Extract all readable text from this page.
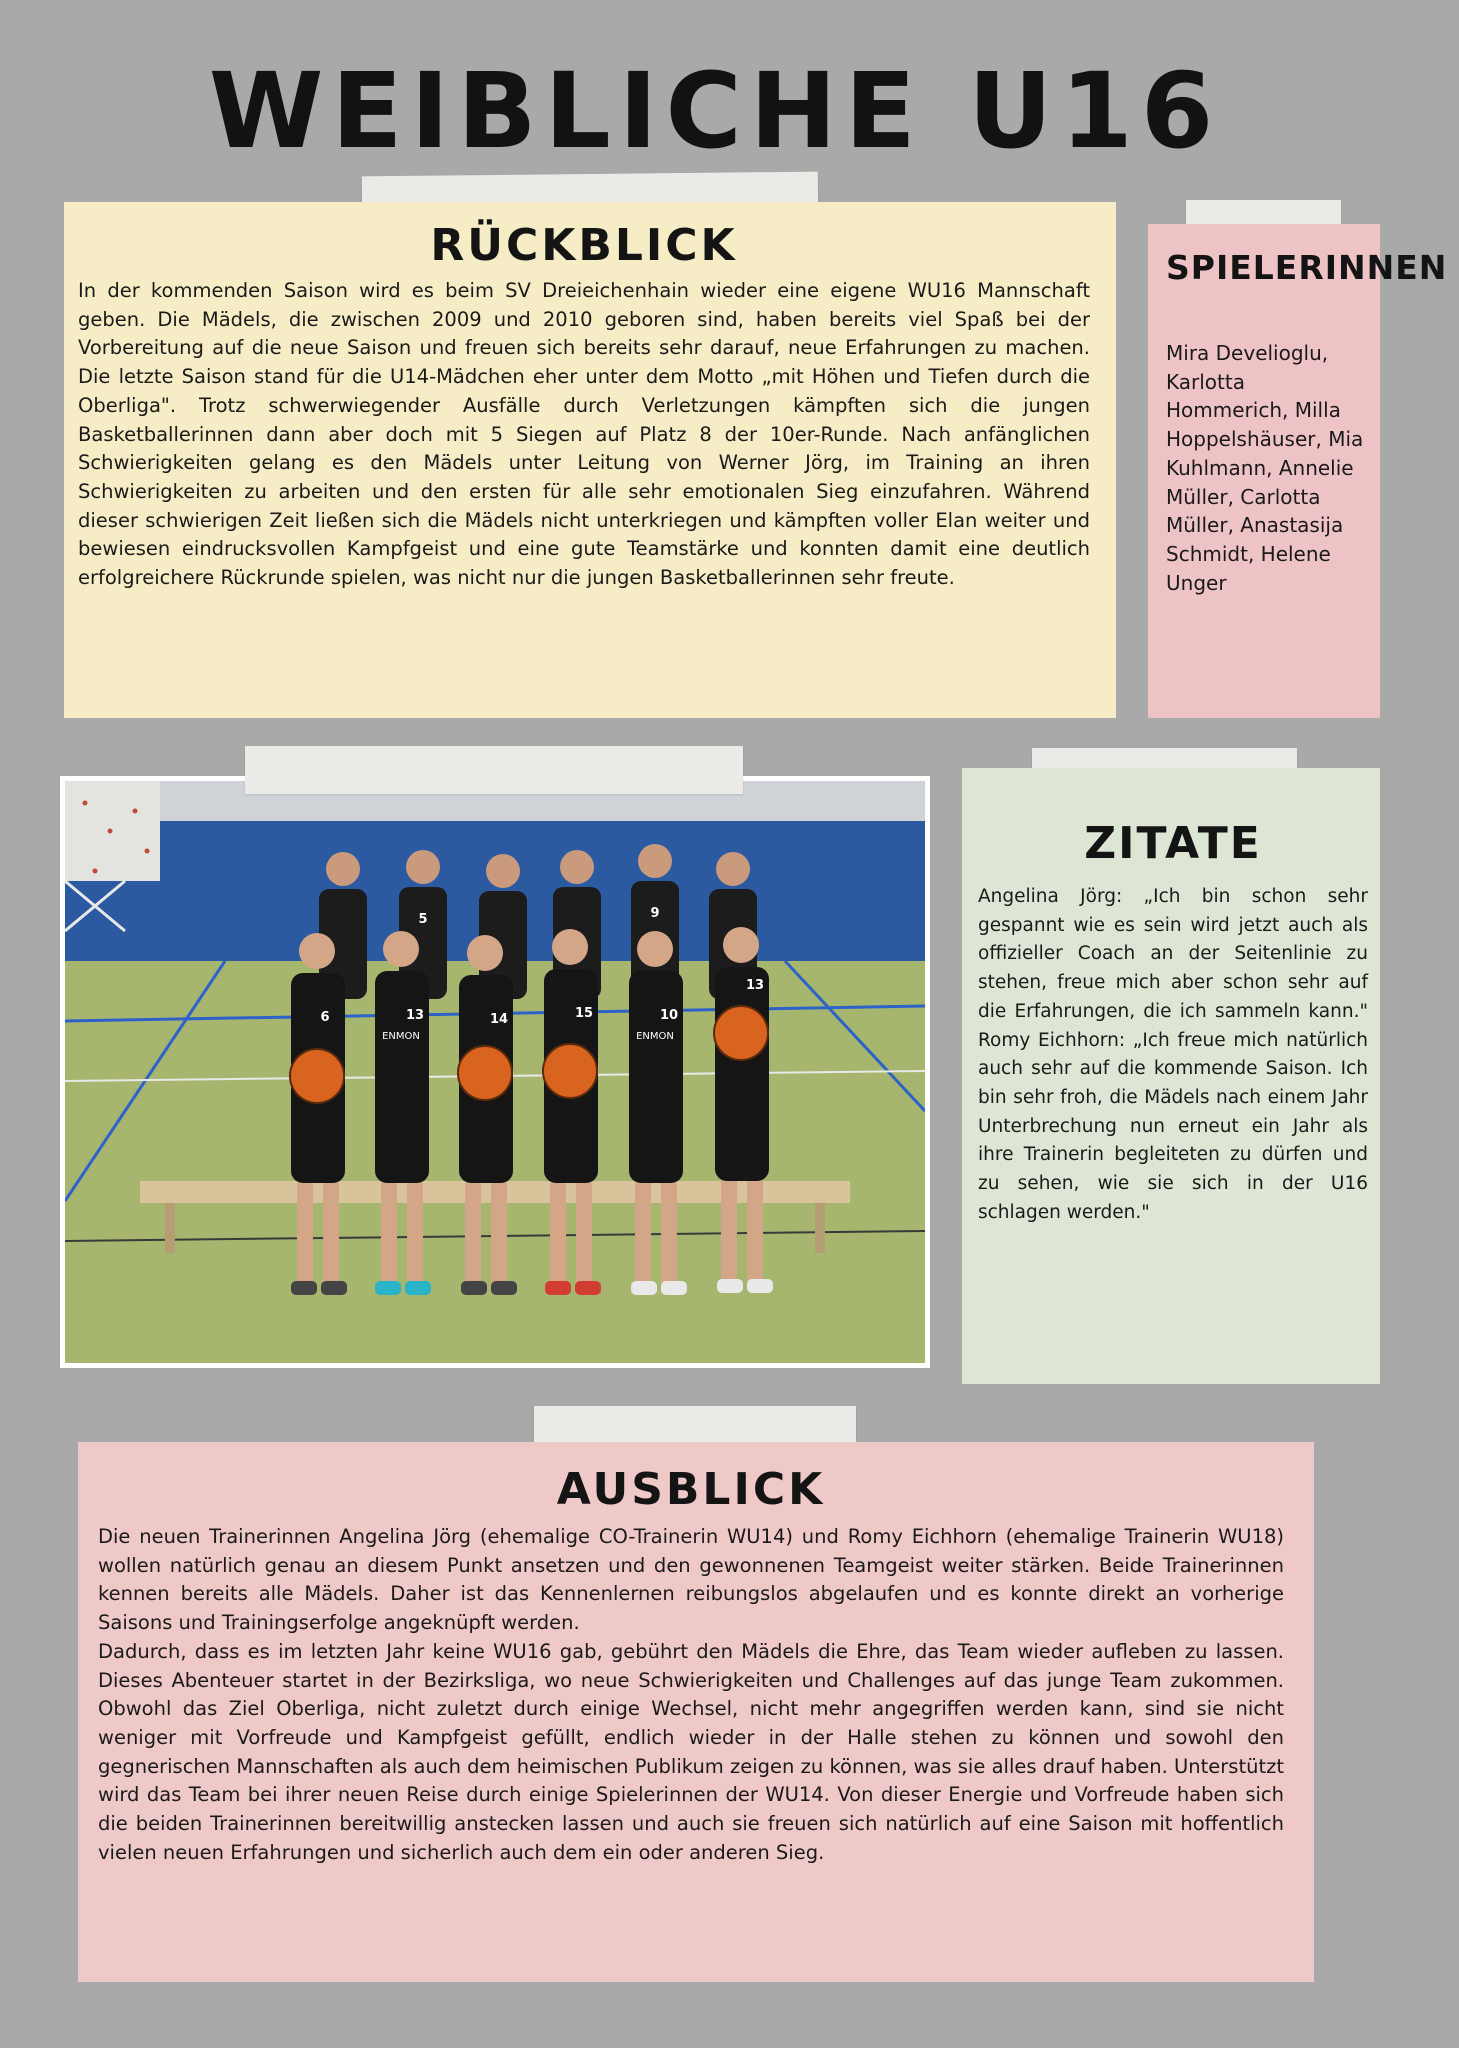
WEIBLICHE U16
RÜCKBLICK

In der kommenden Saison wird es beim SV Dreieichenhain wieder eine eigene WU16 Mannschaft geben. Die Mädels, die zwischen 2009 und 2010 geboren sind, haben bereits viel Spaß bei der Vorbereitung auf die neue Saison und freuen sich bereits sehr darauf, neue Erfahrungen zu machen. Die letzte Saison stand für die U14-Mädchen eher unter dem Motto „mit Höhen und Tiefen durch die Oberliga". Trotz schwerwiegender Ausfälle durch Verletzungen kämpften sich die jungen Basketballerinnen dann aber doch mit 5 Siegen auf Platz 8 der 10er-Runde. Nach anfänglichen Schwierigkeiten gelang es den Mädels unter Leitung von Werner Jörg, im Training an ihren Schwierigkeiten zu arbeiten und den ersten für alle sehr emotionalen Sieg einzufahren. Während dieser schwierigen Zeit ließen sich die Mädels nicht unterkriegen und kämpften voller Elan weiter und bewiesen eindrucksvollen Kampfgeist und eine gute Teamstärke und konnten damit eine deutlich erfolgreichere Rückrunde spielen, was nicht nur die jungen Basketballerinnen sehr freute.

SPIELERINNEN

Mira Develioglu, Karlotta Hommerich, Milla Hoppelshäuser, Mia Kuhlmann, Annelie Müller, Carlotta Müller, Anastasija Schmidt, Helene Unger

5	9
6	13	14	15	10
13
ENMON	ENMON
ZITATE

Angelina Jörg: „Ich bin schon sehr gespannt wie es sein wird jetzt auch als offizieller Coach an der Seitenlinie zu stehen, freue mich aber schon sehr auf die Erfahrungen, die ich sammeln kann." Romy Eichhorn: „Ich freue mich natürlich auch sehr auf die kommende Saison. Ich bin sehr froh, die Mädels nach einem Jahr Unterbrechung nun erneut ein Jahr als ihre Trainerin begleiteten zu dürfen und zu sehen, wie sie sich in der U16 schlagen werden."

AUSBLICK

Die neuen Trainerinnen Angelina Jörg (ehemalige CO-Trainerin WU14) und Romy Eichhorn (ehemalige Trainerin WU18) wollen natürlich genau an diesem Punkt ansetzen und den gewonnenen Teamgeist weiter stärken. Beide Trainerinnen kennen bereits alle Mädels. Daher ist das Kennenlernen reibungslos abgelaufen und es konnte direkt an vorherige Saisons und Trainingserfolge angeknüpft werden.

Dadurch, dass es im letzten Jahr keine WU16 gab, gebührt den Mädels die Ehre, das Team wieder aufleben zu lassen. Dieses Abenteuer startet in der Bezirksliga, wo neue Schwierigkeiten und Challenges auf das junge Team zukommen. Obwohl das Ziel Oberliga, nicht zuletzt durch einige Wechsel, nicht mehr angegriffen werden kann, sind sie nicht weniger mit Vorfreude und Kampfgeist gefüllt, endlich wieder in der Halle stehen zu können und sowohl den gegnerischen Mannschaften als auch dem heimischen Publikum zeigen zu können, was sie alles drauf haben. Unterstützt wird das Team bei ihrer neuen Reise durch einige Spielerinnen der WU14. Von dieser Energie und Vorfreude haben sich die beiden Trainerinnen bereitwillig anstecken lassen und auch sie freuen sich natürlich auf eine Saison mit hoffentlich vielen neuen Erfahrungen und sicherlich auch dem ein oder anderen Sieg.
